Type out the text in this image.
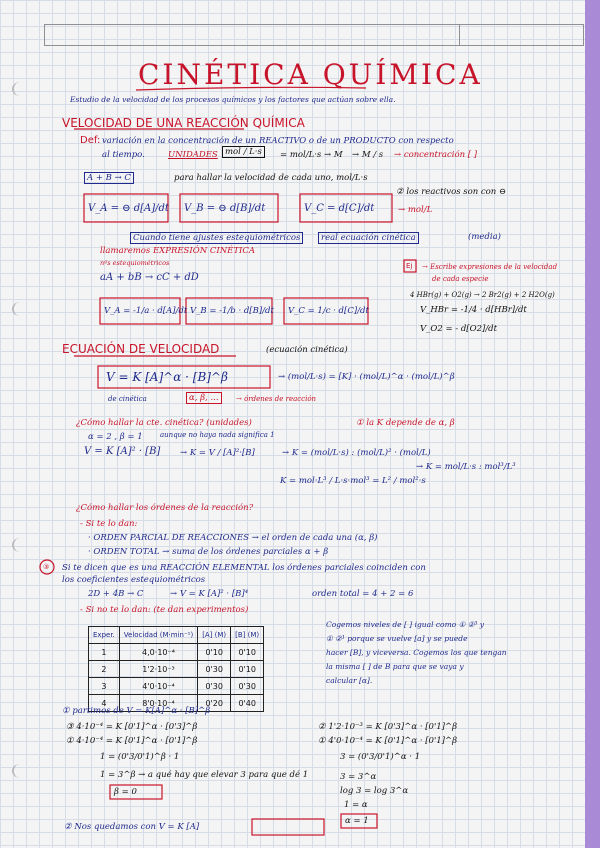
CINÉTICA QUÍMICA
Estudio de la velocidad de los procesos químicos y los factores que actúan sobre ella.
VELOCIDAD DE UNA REACCIÓN QUÍMICA
Def: variación en la concentración de un REACTIVO o de un PRODUCTO con respecto
al tiempo.	UNIDADES mol / L·s	= mol/L·s → M → M / s → concentración [ ]
A + B → C	para hallar la velocidad de cada uno, mol/L·s
② los reactivos son con ⊖
V_A = ⊖ d[A]/dt V_B = ⊖ d[B]/dt	V_C = d[C]/dt	→ mol/L
Cuando tiene ajustes estequiométricos	real ecuación cinética	(media)
llamaremos EXPRESIÓN CINÉTICA
nºs estequiométricos
aA + bB → cC + dD
V_A = -1/a · d[A]/dt V_B = -1/b · d[B]/dt V_C = 1/c · d[C]/dt
Ej → Escribe expresiones de la velocidad
de cada especie
4 HBr(g) + O2(g) → 2 Br2(g) + 2 H2O(g)
V_HBr = -1/4 · d[HBr]/dt
V_O2 = - d[O2]/dt
ECUACIÓN DE VELOCIDAD	(ecuación cinética)
V = K [A]^α · [B]^β	→ (mol/L·s) = [K] · (mol/L)^α · (mol/L)^β
de cinética	α, β, ...	→ órdenes de reacción
¿Cómo hallar la cte. cinética? (unidades)	① la K depende de α, β
α = 2 , β = 1 aunque no haya nada significa 1
V = K [A]² · [B] → K = V / [A]²·[B]	→ K = (mol/L·s) : (mol/L)² · (mol/L)
→ K = mol/L·s : mol³/L³
K = mol·L³ / L·s·mol³ = L² / mol²·s
¿Cómo hallar los órdenes de la reacción?
- Si te lo dan:
· ORDEN PARCIAL DE REACCIONES → el orden de cada una (α, β)
· ORDEN TOTAL → suma de los órdenes parciales α + β
③ Si te dicen que es una REACCIÓN ELEMENTAL los órdenes parciales coinciden con
los coeficientes estequiométricos
2D + 4B → C	→ V = K [A]² · [B]⁴	orden total = 4 + 2 = 6
- Si no te lo dan: (te dan experimentos)
Cogemos niveles de [ ] igual como ① ②³ y
① ②¹ porque se vuelve [a] y se puede
hacer [B], y viceversa. Cogemos los que tengan
la misma [ ] de B para que se vaya y
calcular [α].
Exper.	Velocidad (M·min⁻¹)	[A] (M)	[B] (M)
1	4,0·10⁻⁴	0'10	0'10
2	1'2·10⁻³	0'30	0'10
3	4'0·10⁻⁴	0'30	0'30
4	8'0·10⁻⁴	0'20	0'40
① partimos de V = K[A]^α · [B]^β
③ 4·10⁻⁴ = K [0'1]^α · [0'3]^β
① 4·10⁻⁴ = K [0'1]^α · [0'1]^β
1 = (0'3/0'1)^β · 1
1 = 3^β → a qué hay que elevar 3 para que dé 1
β = 0
② 1'2·10⁻³ = K [0'3]^α · [0'1]^β
① 4'0·10⁻⁴ = K [0'1]^α · [0'1]^β
3 = (0'3/0'1)^α · 1
3 = 3^α
log 3 = log 3^α
1 = α
α = 1
② Nos quedamos con V = K [A]
